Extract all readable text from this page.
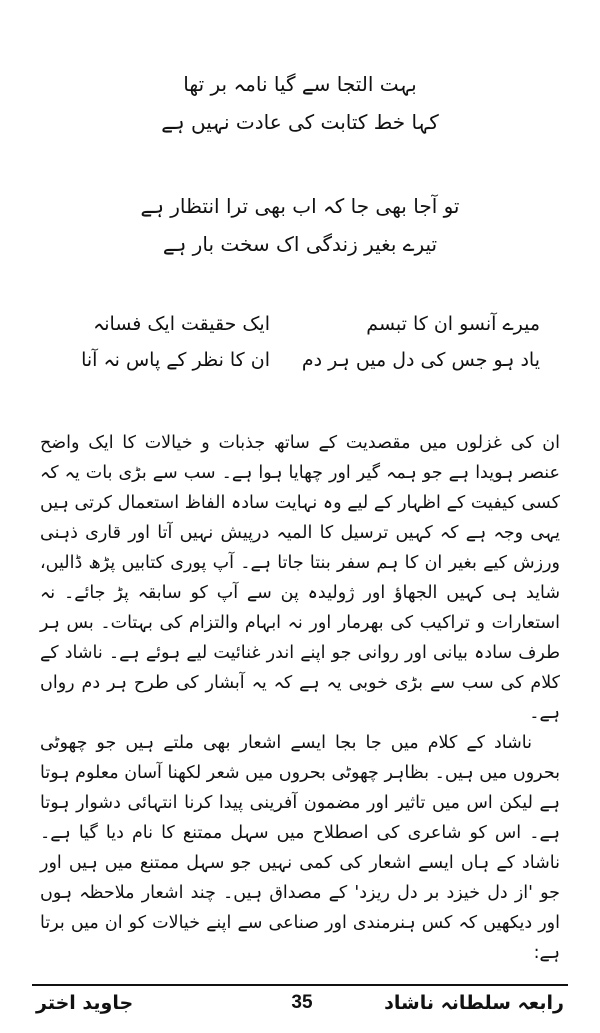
بہت التجا سے گیا نامہ بر تھا
کہا خط کتابت کی عادت نہیں ہے
تو آجا بھی جا کہ اب بھی ترا انتظار ہے
تیرے بغیر زندگی اک سخت بار ہے
میرے آنسو ان کا تبسم
یاد ہو جس کی دل میں ہر دم
ایک حقیقت ایک فسانہ
ان کا نظر کے پاس نہ آنا

ان کی غزلوں میں مقصدیت کے ساتھ جذبات و خیالات کا ایک واضح عنصر ہویدا ہے جو ہمہ گیر اور چھایا ہوا ہے۔ سب سے بڑی بات یہ کہ کسی کیفیت کے اظہار کے لیے وہ نہایت سادہ الفاظ استعمال کرتی ہیں یہی وجہ ہے کہ کہیں ترسیل کا المیہ درپیش نہیں آتا اور قاری ذہنی ورزش کیے بغیر ان کا ہم سفر بنتا جاتا ہے۔ آپ پوری کتابیں پڑھ ڈالیں، شاید ہی کہیں الجھاؤ اور ژولیدہ پن سے آپ کو سابقہ پڑ جائے۔ نہ استعارات و تراکیب کی بھرمار اور نہ ابہام والتزام کی بہتات۔ بس ہر طرف سادہ بیانی اور روانی جو اپنے اندر غنائیت لیے ہوئے ہے۔ ناشاد کے کلام کی سب سے بڑی خوبی یہ ہے کہ یہ آبشار کی طرح ہر دم رواں ہے۔

ناشاد کے کلام میں جا بجا ایسے اشعار بھی ملتے ہیں جو چھوٹی بحروں میں ہیں۔ بظاہر چھوٹی بحروں میں شعر لکھنا آسان معلوم ہوتا ہے لیکن اس میں تاثیر اور مضمون آفرینی پیدا کرنا انتہائی دشوار ہوتا ہے۔ اس کو شاعری کی اصطلاح میں سہل ممتنع کا نام دیا گیا ہے۔ ناشاد کے ہاں ایسے اشعار کی کمی نہیں جو سہل ممتنع میں ہیں اور جو 'از دل خیزد بر دل ریزد' کے مصداق ہیں۔ چند اشعار ملاحظہ ہوں اور دیکھیں کہ کس ہنرمندی اور صناعی سے اپنے خیالات کو ان میں برتا ہے:

رابعہ سلطانہ ناشاد
35
جاوید اختر
